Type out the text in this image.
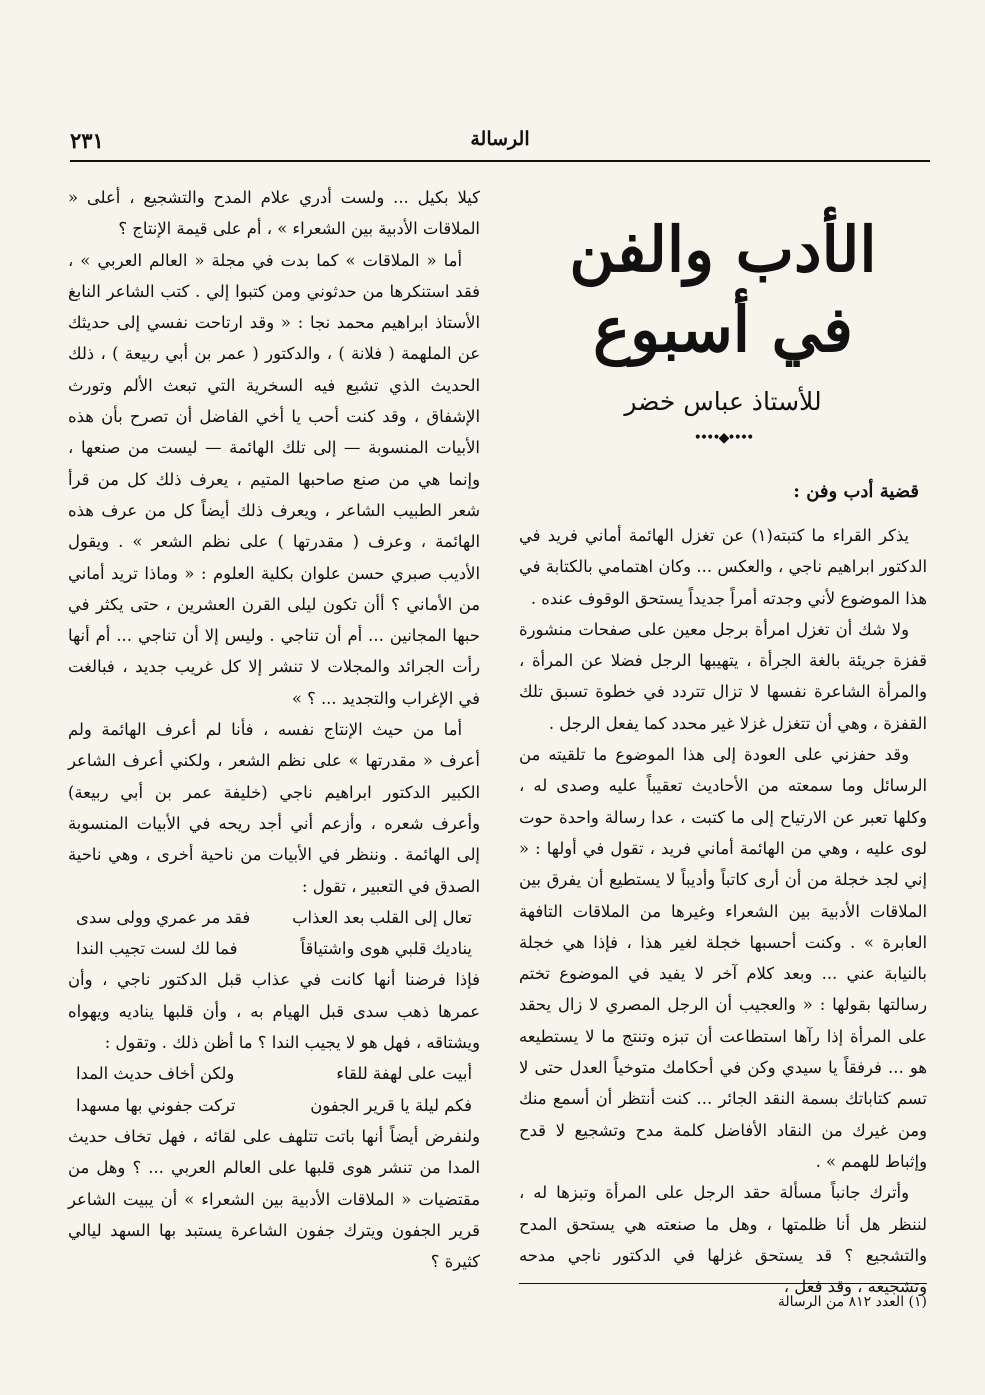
الرسالة
٢٣١
الأدب والفن في أسبوع
للأستاذ عباس خضر
••••◆••••
قضية أدب وفن :

يذكر القراء ما كتبته(١) عن تغزل الهائمة أماني فريد في الدكتور ابراهيم ناجي ، والعكس ... وكان اهتمامي بالكتابة في هذا الموضوع لأني وجدته أمراً جديداً يستحق الوقوف عنده .

ولا شك أن تغزل امرأة برجل معين على صفحات منشورة قفزة جريئة بالغة الجرأة ، يتهيبها الرجل فضلا عن المرأة ، والمرأة الشاعرة نفسها لا تزال تتردد في خطوة تسبق تلك القفزة ، وهي أن تتغزل غزلا غير محدد كما يفعل الرجل .

وقد حفزني على العودة إلى هذا الموضوع ما تلقيته من الرسائل وما سمعته من الأحاديث تعقيباً عليه وصدى له ، وكلها تعبر عن الارتياح إلى ما كتبت ، عدا رسالة واحدة حوت لوى عليه ، وهي من الهائمة أماني فريد ، تقول في أولها : « إني لجد خجلة من أن أرى كاتباً وأديباً لا يستطيع أن يفرق بين الملاقات الأدبية بين الشعراء وغيرها من الملاقات التافهة العابرة » . وكنت أحسبها خجلة لغير هذا ، فإذا هي خجلة بالنيابة عني ... وبعد كلام آخر لا يفيد في الموضوع تختم رسالتها بقولها : « والعجيب أن الرجل المصري لا زال يحقد على المرأة إذا رآها استطاعت أن تبزه وتنتج ما لا يستطيعه هو ... فرفقاً يا سيدي وكن في أحكامك متوخياً العدل حتى لا تسم كتاباتك بسمة النقد الجائر ... كنت أنتظر أن أسمع منك ومن غيرك من النقاد الأفاضل كلمة مدح وتشجيع لا قدح وإثباط للهمم » .

وأترك جانباً مسألة حقد الرجل على المرأة وتبزها له ، لننظر هل أنا ظلمتها ، وهل ما صنعته هي يستحق المدح والتشجيع ؟ قد يستحق غزلها في الدكتور ناجي مدحه وتشجيعه ، وقد فعل ،

(١) العدد ٨١٢ من الرسالة

كيلا بكيل ... ولست أدري علام المدح والتشجيع ، أعلى « الملاقات الأدبية بين الشعراء » ، أم على قيمة الإنتاج ؟

أما « الملاقات » كما بدت في مجلة « العالم العربي » ، فقد استنكرها من حدثوني ومن كتبوا إلي . كتب الشاعر النابغ الأستاذ ابراهيم محمد نجا : « وقد ارتاحت نفسي إلى حديثك عن الملهمة ( فلانة ) ، والدكتور ( عمر بن أبي ربيعة ) ، ذلك الحديث الذي تشيع فيه السخرية التي تبعث الألم وتورث الإشفاق ، وقد كنت أحب يا أخي الفاضل أن تصرح بأن هذه الأبيات المنسوبة — إلى تلك الهائمة — ليست من صنعها ، وإنما هي من صنع صاحبها المتيم ، يعرف ذلك كل من قرأ شعر الطبيب الشاعر ، ويعرف ذلك أيضاً كل من عرف هذه الهائمة ، وعرف ( مقدرتها ) على نظم الشعر » . ويقول الأديب صبري حسن علوان بكلية العلوم : « وماذا تريد أماني من الأماني ؟ أأن تكون ليلى القرن العشرين ، حتى يكثر في حبها المجانين ... أم أن تناجي . وليس إلا أن تناجي ... أم أنها رأت الجرائد والمجلات لا تنشر إلا كل غريب جديد ، فبالغت في الإغراب والتجديد ... ؟ »

أما من حيث الإنتاج نفسه ، فأنا لم أعرف الهائمة ولم أعرف « مقدرتها » على نظم الشعر ، ولكني أعرف الشاعر الكبير الدكتور ابراهيم ناجي (خليفة عمر بن أبي ربيعة) وأعرف شعره ، وأزعم أني أجد ريحه في الأبيات المنسوبة إلى الهائمة . وننظر في الأبيات من ناحية أخرى ، وهي ناحية الصدق في التعبير ، تقول :

تعال إلى القلب بعد العذاب
فقد مر عمري وولى سدى
يناديك قلبي هوى واشتياقاً
فما لك لست تجيب الندا

فإذا فرضنا أنها كانت في عذاب قبل الدكتور ناجي ، وأن عمرها ذهب سدى قبل الهيام به ، وأن قلبها يناديه ويهواه ويشتاقه ، فهل هو لا يجيب الندا ؟ ما أظن ذلك . وتقول :

أبيت على لهفة للقاء
ولكن أخاف حديث المدا
فكم ليلة يا قرير الجفون
تركت جفوني بها مسهدا

ولنفرض أيضاً أنها باتت تتلهف على لقائه ، فهل تخاف حديث المدا من تنشر هوى قلبها على العالم العربي ... ؟ وهل من مقتضيات « الملاقات الأدبية بين الشعراء » أن يبيت الشاعر قرير الجفون ويترك جفون الشاعرة يستبد بها السهد ليالي كثيرة ؟
